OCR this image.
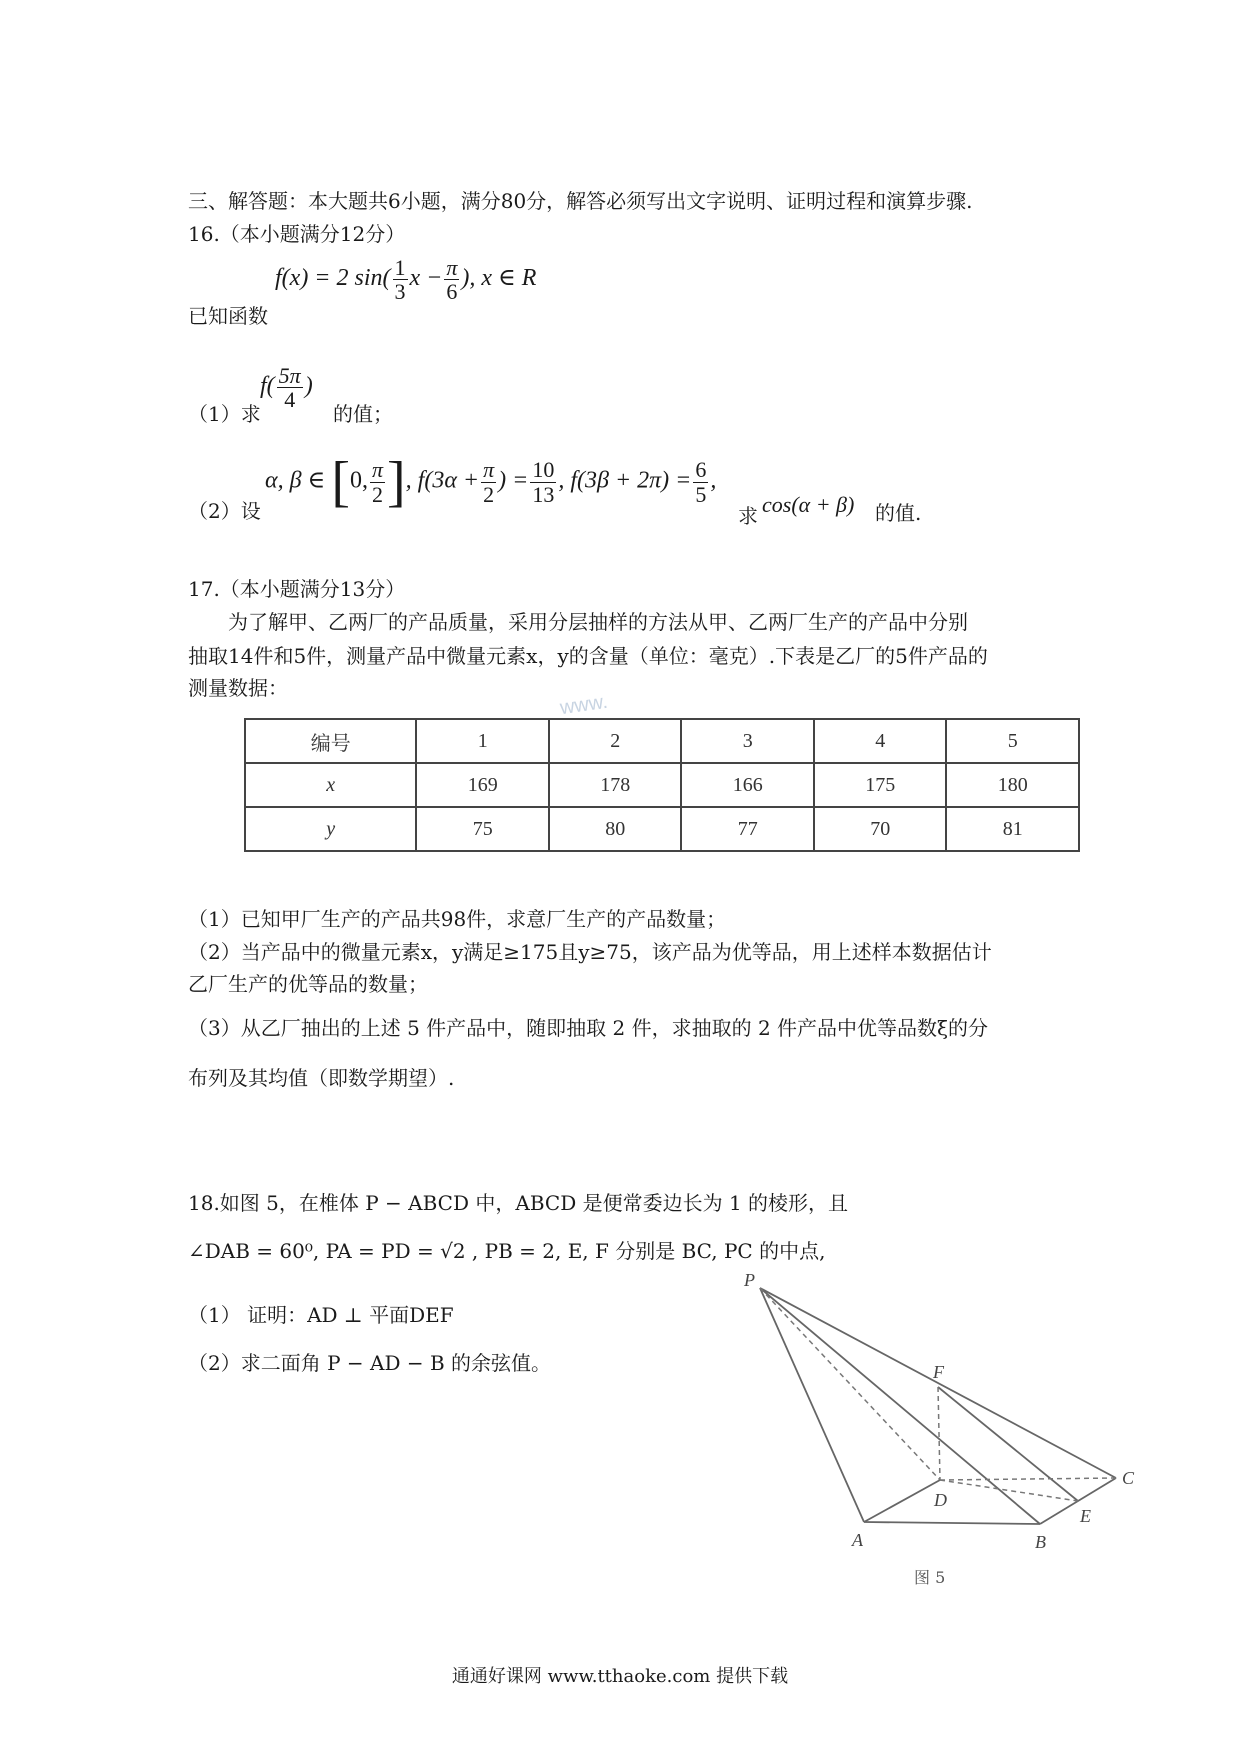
三、解答题：本大题共6小题，满分80分，解答必须写出文字说明、证明过程和演算步骤.
16.（本小题满分12分）
已知函数
f(x) = 2 $\sin( \frac{1}{3}$ $x - \frac{\pi}{6}$ ), x ∈ R
（1）求
$f( \frac{5\pi}{4}$ )
的值；
（2）设
α, β ∈ [0, $\frac{\pi}{2}$ ], $f(3\alpha + \frac{\pi}{2}$ ) = $\frac{10}{13}$ , $f(3\beta + 2\pi) = \frac{6}{5}$ ,
求 cos(α + β) 的值.
17.（本小题满分13分）
为了解甲、乙两厂的产品质量，采用分层抽样的方法从甲、乙两厂生产的产品中分别
抽取14件和5件，测量产品中微量元素x，y的含量（单位：毫克）.下表是乙厂的5件产品的
测量数据：
www.
编号	1	2	3	4	5
x	169	178	166	175	180
y	75	80	77	70	81
（1）已知甲厂生产的产品共98件，求意厂生产的产品数量；
（2）当产品中的微量元素x，y满足≥175且y≥75，该产品为优等品，用上述样本数据估计
乙厂生产的优等品的数量；
（3）从乙厂抽出的上述 5 件产品中，随即抽取 2 件，求抽取的 2 件产品中优等品数ξ的分
布列及其均值（即数学期望）.
18.如图 5，在椎体 P − ABCD 中，ABCD 是便常委边长为 1 的棱形，且
∠DAB = 60⁰, PA = PD = √2 , PB = 2, E, F 分别是 BC, PC 的中点,
（1） 证明：AD ⊥ 平面DEF
（2）求二面角 P − AD − B 的余弦值。
P
F
D
C
E
A	B
图 5
通通好课网 www.tthaoke.com 提供下载
